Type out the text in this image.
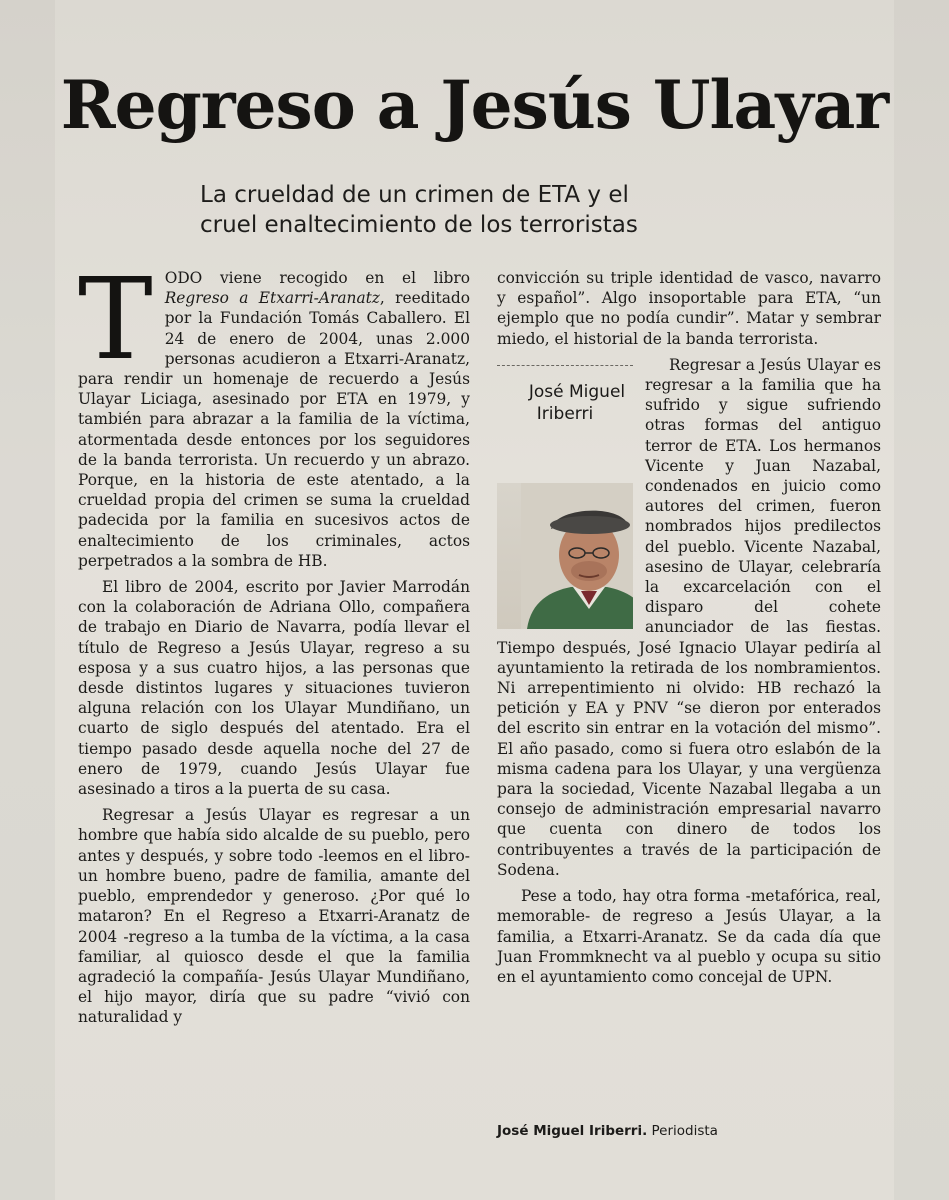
Regreso a Jesús Ulayar
La crueldad de un crimen de ETA y el
cruel enaltecimiento de los terroristas
T ODO viene recogido en el libro Regreso a Etxarri-Aranatz, reeditado por la Fundación Tomás Caballero. El 24 de enero de 2004, unas 2.000 personas acudieron a Etxarri-Aranatz, para rendir un homenaje de recuerdo a Jesús Ulayar Liciaga, asesinado por ETA en 1979, y también para abrazar a la familia de la víctima, atormentada desde entonces por los seguidores de la banda terrorista. Un recuerdo y un abrazo. Porque, en la historia de este atentado, a la crueldad propia del crimen se suma la crueldad padecida por la familia en sucesivos actos de enaltecimiento de los criminales, actos perpetrados a la sombra de HB.

El libro de 2004, escrito por Javier Marrodán con la colaboración de Adriana Ollo, compañera de trabajo en Diario de Navarra, podía llevar el título de Regreso a Jesús Ulayar, regreso a su esposa y a sus cuatro hijos, a las personas que desde distintos lugares y situaciones tuvieron alguna relación con los Ulayar Mundiñano, un cuarto de siglo después del atentado. Era el tiempo pasado desde aquella noche del 27 de enero de 1979, cuando Jesús Ulayar fue asesinado a tiros a la puerta de su casa.

Regresar a Jesús Ulayar es regresar a un hombre que había sido alcalde de su pueblo, pero antes y después, y sobre todo -leemos en el libro- un hombre bueno, padre de familia, amante del pueblo, emprendedor y generoso. ¿Por qué lo mataron? En el Regreso a Etxarri-Aranatz de 2004 -regreso a la tumba de la víctima, a la casa familiar, al quiosco desde el que la familia agradeció la compañía- Jesús Ulayar Mundiñano, el hijo mayor, diría que su padre “vivió con naturalidad y

convicción su triple identidad de vasco, navarro y español”. Algo insoportable para ETA, “un ejemplo que no podía cundir”. Matar y sembrar miedo, el historial de la banda terrorista.

José Miguel
Iriberri
Regresar a Jesús Ulayar es regresar a la familia que ha sufrido y sigue sufriendo otras formas del antiguo terror de ETA. Los hermanos Vicente y Juan Nazabal, condenados en juicio como autores del crimen, fueron nombrados hijos predilectos del pueblo. Vicente Nazabal, asesino de Ulayar, celebraría la excarcelación con el disparo del cohete anunciador de las fiestas. Tiempo después, José Ignacio Ulayar pediría al ayuntamiento la retirada de los nombramientos. Ni arrepentimiento ni olvido: HB rechazó la petición y EA y PNV “se dieron por enterados del escrito sin entrar en la votación del mismo”. El año pasado, como si fuera otro eslabón de la misma cadena para los Ulayar, y una vergüenza para la sociedad, Vicente Nazabal llegaba a un consejo de administración empresarial navarro que cuenta con dinero de todos los contribuyentes a través de la participación de Sodena.

Pese a todo, hay otra forma -metafórica, real, memorable- de regreso a Jesús Ulayar, a la familia, a Etxarri-Aranatz. Se da cada día que Juan Frommknecht va al pueblo y ocupa su sitio en el ayuntamiento como concejal de UPN.

José Miguel Iriberri. Periodista
